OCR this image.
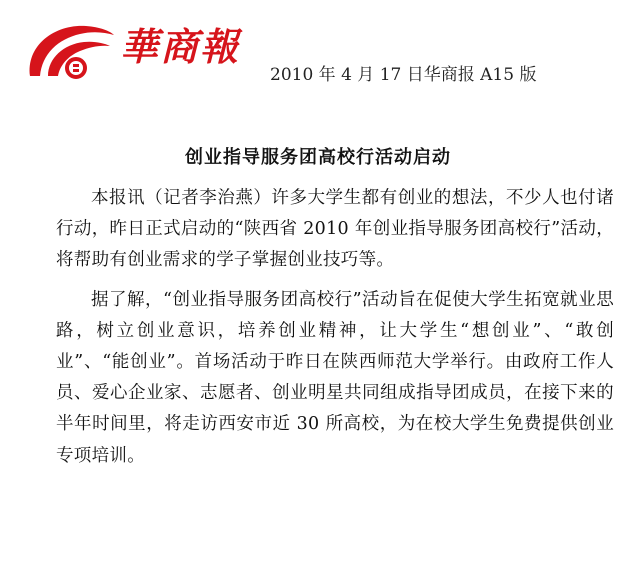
華商報
2010 年 4 月 17 日华商报 A15 版
创业指导服务团高校行活动启动

本报讯（记者李治燕）许多大学生都有创业的想法，不少人也付诸行动，昨日正式启动的“陕西省 2010 年创业指导服务团高校行”活动，将帮助有创业需求的学子掌握创业技巧等。

据了解，“创业指导服务团高校行”活动旨在促使大学生拓宽就业思路，树立创业意识，培养创业精神，让大学生“想创业”、“敢创业”、“能创业”。首场活动于昨日在陕西师范大学举行。由政府工作人员、爱心企业家、志愿者、创业明星共同组成指导团成员，在接下来的半年时间里，将走访西安市近 30 所高校，为在校大学生免费提供创业专项培训。
